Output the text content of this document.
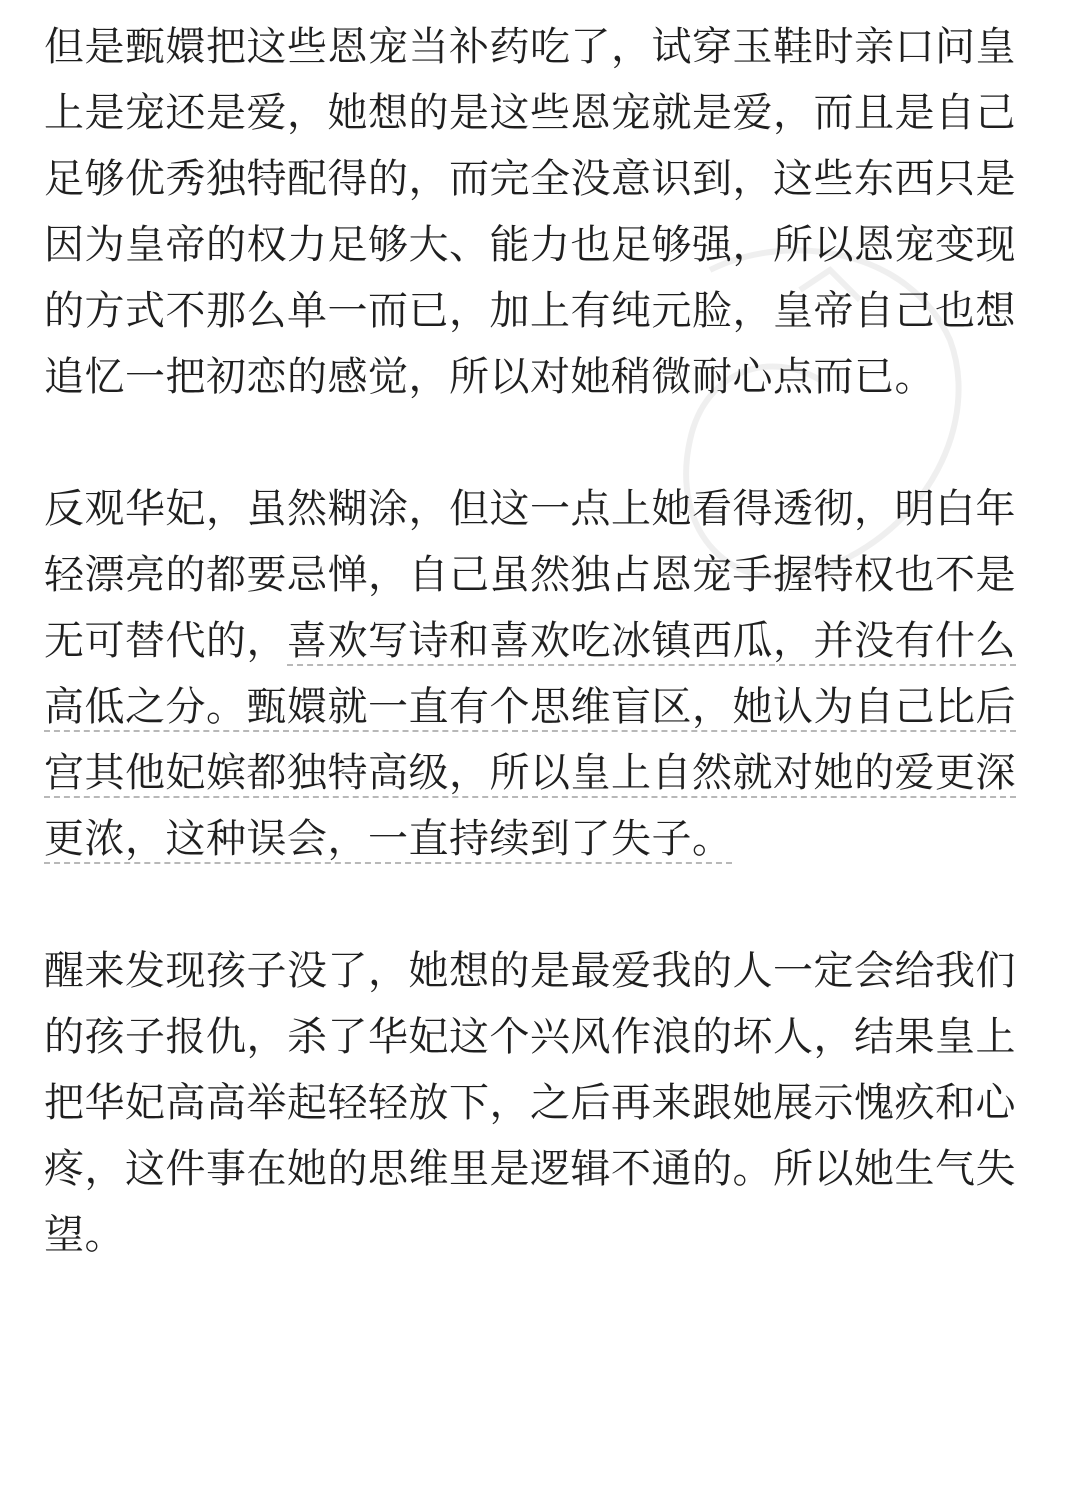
但是甄嬛把这些恩宠当补药吃了，试穿玉鞋时亲口问皇上是宠还是爱，她想的是这些恩宠就是爱，而且是自己足够优秀独特配得的，而完全没意识到，这些东西只是因为皇帝的权力足够大、能力也足够强，所以恩宠变现的方式不那么单一而已，加上有纯元脸，皇帝自己也想追忆一把初恋的感觉，所以对她稍微耐心点而已。

反观华妃，虽然糊涂，但这一点上她看得透彻，明白年轻漂亮的都要忌惮，自己虽然独占恩宠手握特权也不是无可替代的，喜欢写诗和喜欢吃冰镇西瓜，并没有什么高低之分。甄嬛就一直有个思维盲区，她认为自己比后宫其他妃嫔都独特高级，所以皇上自然就对她的爱更深更浓，这种误会，一直持续到了失子。

醒来发现孩子没了，她想的是最爱我的人一定会给我们的孩子报仇，杀了华妃这个兴风作浪的坏人，结果皇上把华妃高高举起轻轻放下，之后再来跟她展示愧疚和心疼，这件事在她的思维里是逻辑不通的。所以她生气失望。
